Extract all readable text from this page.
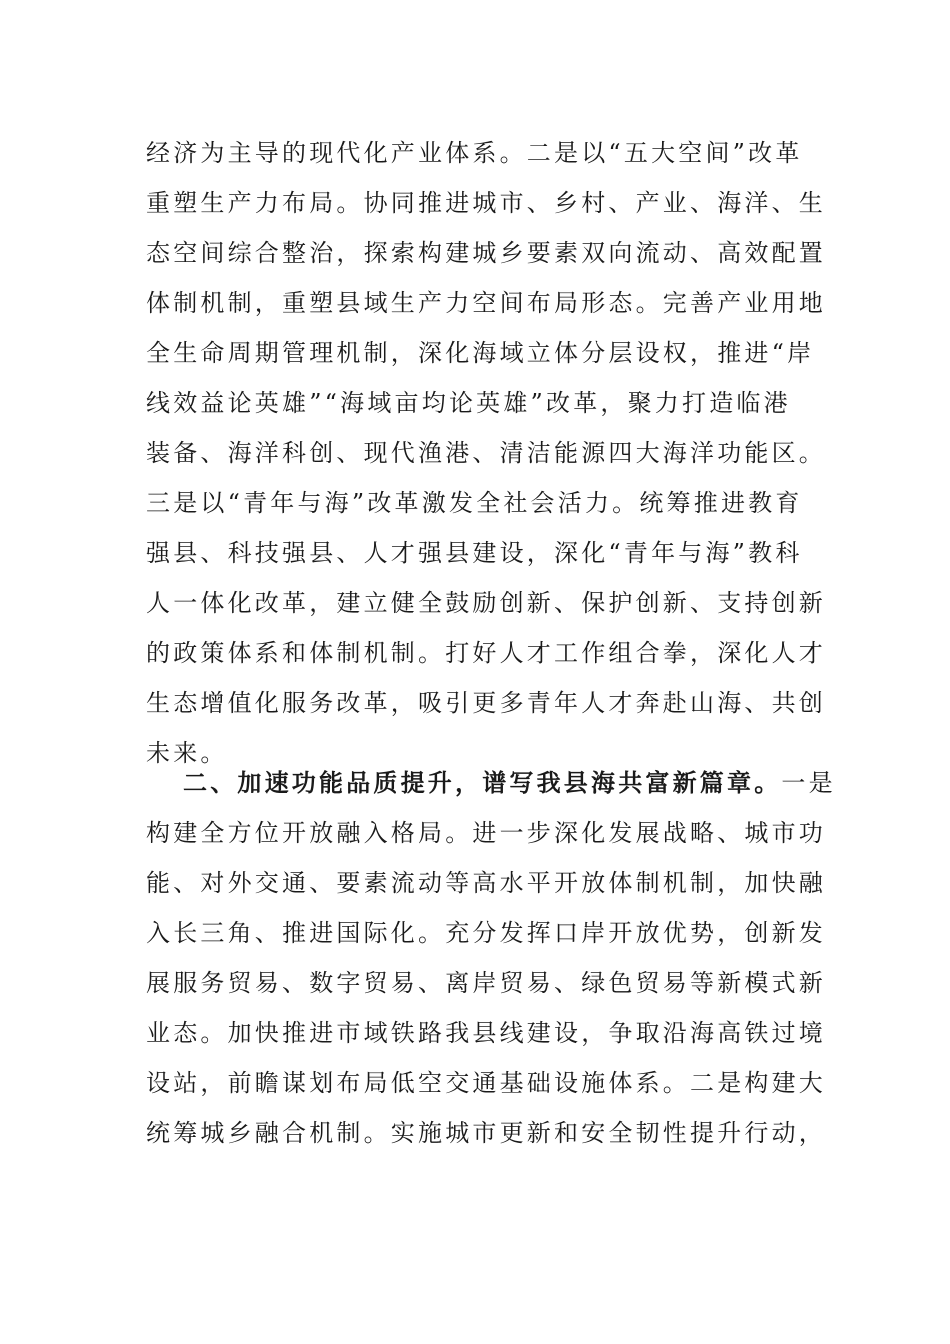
经济为主导的现代化产业体系。二是以“五大空间”改革
重塑生产力布局。协同推进城市、乡村、产业、海洋、生
态空间综合整治，探索构建城乡要素双向流动、高效配置
体制机制，重塑县域生产力空间布局形态。完善产业用地
全生命周期管理机制，深化海域立体分层设权，推进“岸
线效益论英雄”“海域亩均论英雄”改革，聚力打造临港
装备、海洋科创、现代渔港、清洁能源四大海洋功能区。
三是以“青年与海”改革激发全社会活力。统筹推进教育
强县、科技强县、人才强县建设，深化“青年与海”教科
人一体化改革，建立健全鼓励创新、保护创新、支持创新
的政策体系和体制机制。打好人才工作组合拳，深化人才
生态增值化服务改革，吸引更多青年人才奔赴山海、共创
未来。
二、加速功能品质提升，谱写我县海共富新篇章。一是
构建全方位开放融入格局。进一步深化发展战略、城市功
能、对外交通、要素流动等高水平开放体制机制，加快融
入长三角、推进国际化。充分发挥口岸开放优势，创新发
展服务贸易、数字贸易、离岸贸易、绿色贸易等新模式新
业态。加快推进市域铁路我县线建设，争取沿海高铁过境
设站，前瞻谋划布局低空交通基础设施体系。二是构建大
统筹城乡融合机制。实施城市更新和安全韧性提升行动，
